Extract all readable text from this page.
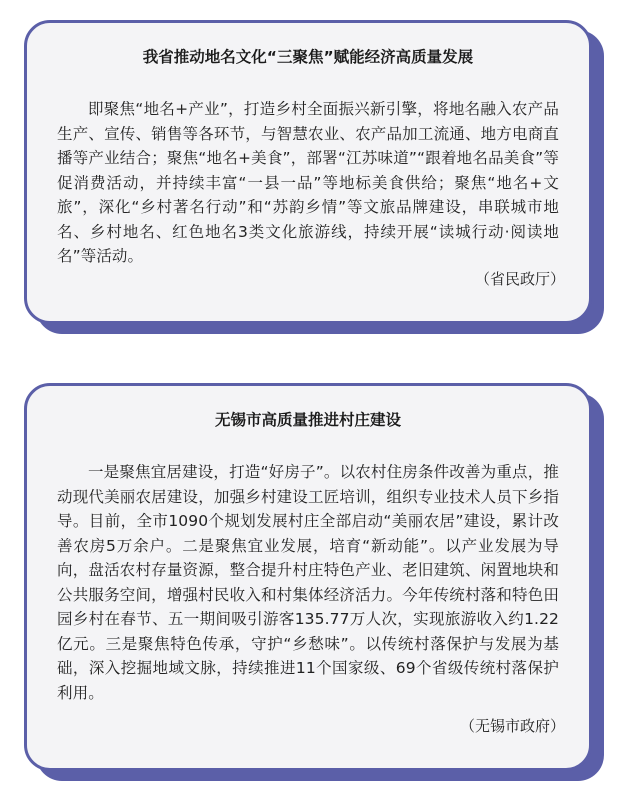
我省推动地名文化“三聚焦”赋能经济高质量发展

即聚焦“地名+产业”，打造乡村全面振兴新引擎，将地名融入农产品生产、宣传、销售等各环节，与智慧农业、农产品加工流通、地方电商直播等产业结合；聚焦“地名+美食”，部署“江苏味道”“跟着地名品美食”等促消费活动，并持续丰富“一县一品”等地标美食供给；聚焦“地名+文旅”，深化“乡村著名行动”和“苏韵乡情”等文旅品牌建设，串联城市地名、乡村地名、红色地名3类文化旅游线，持续开展“读城行动·阅读地名”等活动。

（省民政厅）
无锡市高质量推进村庄建设

一是聚焦宜居建设，打造“好房子”。以农村住房条件改善为重点，推动现代美丽农居建设，加强乡村建设工匠培训，组织专业技术人员下乡指导。目前，全市1090个规划发展村庄全部启动“美丽农居”建设，累计改善农房5万余户。二是聚焦宜业发展，培育“新动能”。以产业发展为导向，盘活农村存量资源，整合提升村庄特色产业、老旧建筑、闲置地块和公共服务空间，增强村民收入和村集体经济活力。今年传统村落和特色田园乡村在春节、五一期间吸引游客135.77万人次，实现旅游收入约1.22亿元。三是聚焦特色传承，守护“乡愁味”。以传统村落保护与发展为基础，深入挖掘地域文脉，持续推进11个国家级、69个省级传统村落保护利用。

（无锡市政府）
